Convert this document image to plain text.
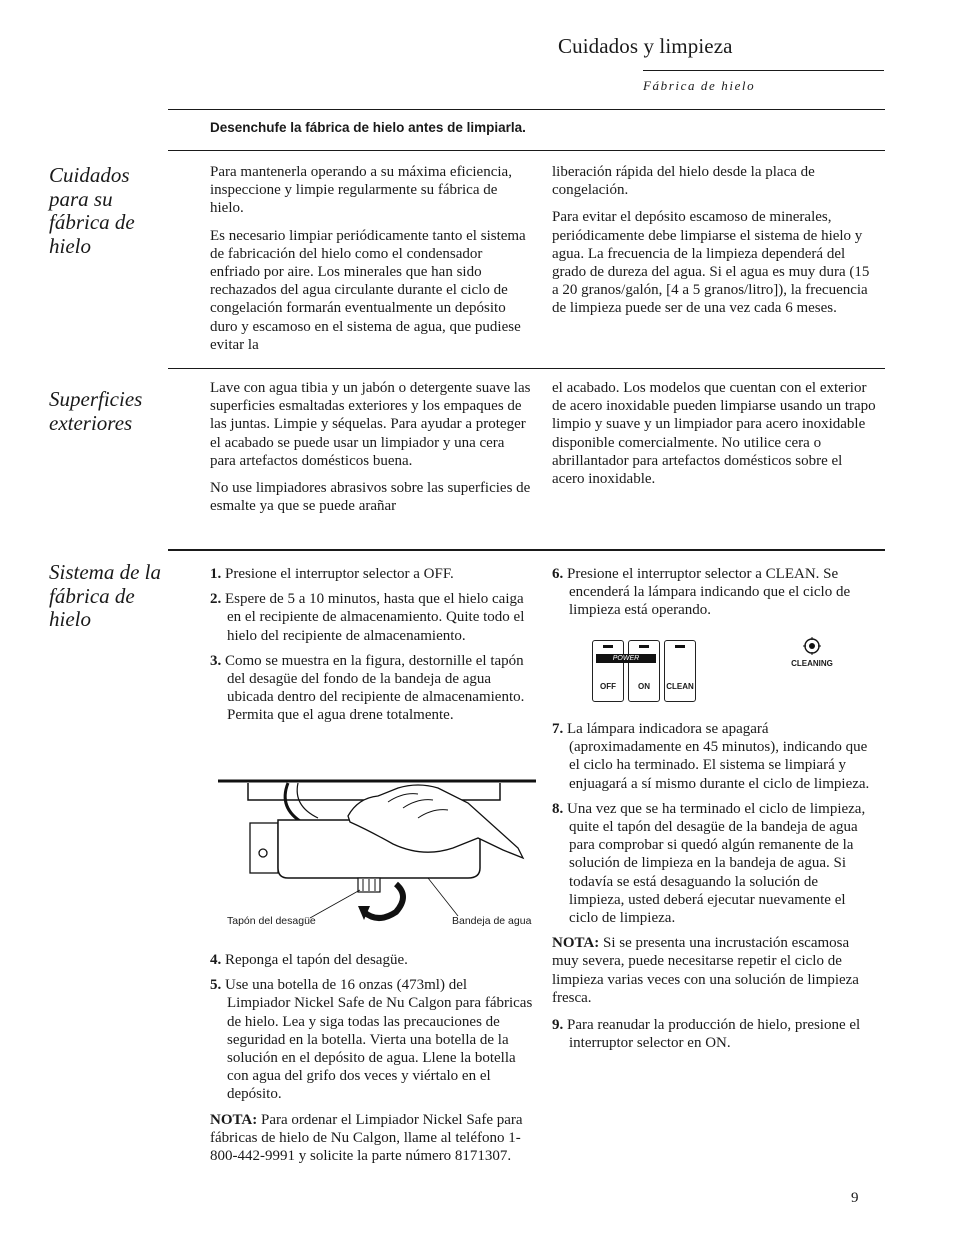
Cuidados y limpieza
Fábrica de hielo
Desenchufe la fábrica de hielo antes de limpiarla.
Cuidados para su fábrica de hielo

Para mantenerla operando a su máxima eficiencia, inspeccione y limpie regularmente su fábrica de hielo.

Es necesario limpiar periódicamente tanto el sistema de fabricación del hielo como el condensador enfriado por aire. Los minerales que han sido rechazados del agua circulante durante el ciclo de congelación formarán eventualmente un depósito duro y escamoso en el sistema de agua, que pudiese evitar la

liberación rápida del hielo desde la placa de congelación.

Para evitar el depósito escamoso de minerales, periódicamente debe limpiarse el sistema de hielo y agua. La frecuencia de la limpieza dependerá del grado de dureza del agua. Si el agua es muy dura (15 a 20 granos/galón, [4 a 5 granos/litro]), la frecuencia de limpieza puede ser de una vez cada 6 meses.

Superficies exteriores

Lave con agua tibia y un jabón o detergente suave las superficies esmaltadas exteriores y los empaques de las juntas. Limpie y séquelas. Para ayudar a proteger el acabado se puede usar un limpiador y una cera para artefactos domésticos buena.

No use limpiadores abrasivos sobre las superficies de esmalte ya que se puede arañar

el acabado. Los modelos que cuentan con el exterior de acero inoxidable pueden limpiarse usando un trapo limpio y suave y un limpiador para acero inoxidable disponible comercialmente. No utilice cera o abrillantador para artefactos domésticos sobre el acero inoxidable.

Sistema de la fábrica de hielo
1. Presione el interruptor selector a OFF.
2. Espere de 5 a 10 minutos, hasta que el hielo caiga en el recipiente de almacenamiento. Quite todo el hielo del recipiente de almacenamiento.
3. Como se muestra en la figura, destornille el tapón del desagüe del fondo de la bandeja de agua ubicada dentro del recipiente de almacenamiento. Permita que el agua drene totalmente.
Tapón del desagüe	Bandeja de agua
4. Reponga el tapón del desagüe.
5. Use una botella de 16 onzas (473ml) del Limpiador Nickel Safe de Nu Calgon para fábricas de hielo. Lea y siga todas las precauciones de seguridad en la botella. Vierta una botella de la solución en el depósito de agua. Llene la botella con agua del grifo dos veces y viértalo en el depósito.

NOTA: Para ordenar el Limpiador Nickel Safe para fábricas de hielo de Nu Calgon, llame al teléfono 1-800-442-9991 y solicite la parte número 8171307.

6. Presione el interruptor selector a CLEAN. Se encenderá la lámpara indicando que el ciclo de limpieza está operando.
OFF	ON	CLEAN
POWER
CLEANING
7. La lámpara indicadora se apagará (aproximadamente en 45 minutos), indicando que el ciclo ha terminado. El sistema se limpiará y enjuagará a sí mismo durante el ciclo de limpieza.
8. Una vez que se ha terminado el ciclo de limpieza, quite el tapón del desagüe de la bandeja de agua para comprobar si quedó algún remanente de la solución de limpieza en la bandeja de agua. Si todavía se está desaguando la solución de limpieza, usted deberá ejecutar nuevamente el ciclo de limpieza.

NOTA: Si se presenta una incrustación escamosa muy severa, puede necesitarse repetir el ciclo de limpieza varias veces con una solución de limpieza fresca.

9. Para reanudar la producción de hielo, presione el interruptor selector en ON.
9
